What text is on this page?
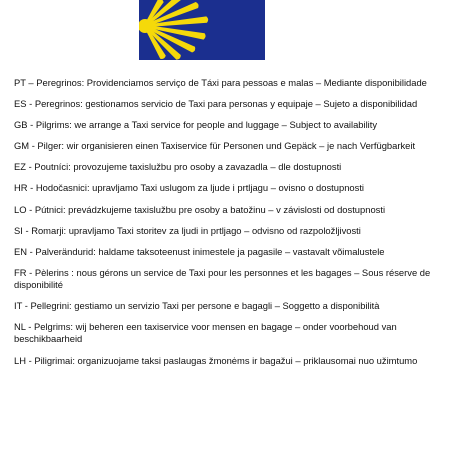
PT – Peregrinos: Providenciamos serviço de Táxi para pessoas e malas – Mediante disponibilidade

ES - Peregrinos: gestionamos servicio de Taxi para personas y equipaje – Sujeto a disponibilidad

GB - Pilgrims: we arrange a Taxi service for people and luggage – Subject to availability

GM - Pilger: wir organisieren einen Taxiservice für Personen und Gepäck – je nach Verfügbarkeit

EZ - Poutníci: provozujeme taxislužbu pro osoby a zavazadla – dle dostupnosti

HR - Hodočasnici: upravljamo Taxi uslugom za ljude i prtljagu – ovisno o dostupnosti

LO - Pútnici: prevádzkujeme taxislužbu pre osoby a batožinu – v závislosti od dostupnosti

SI - Romarji: upravljamo Taxi storitev za ljudi in prtljago – odvisno od razpoložljivosti

EN - Palverändurid: haldame taksoteenust inimestele ja pagasile – vastavalt võimalustele

FR - Pèlerins : nous gérons un service de Taxi pour les personnes et les bagages – Sous réserve de disponibilité

IT - Pellegrini: gestiamo un servizio Taxi per persone e bagagli – Soggetto a disponibilità

NL - Pelgrims: wij beheren een taxiservice voor mensen en bagage – onder voorbehoud van beschikbaarheid

LH - Piligrimai: organizuojame taksi paslaugas žmonėms ir bagažui – priklausomai nuo užimtumo
